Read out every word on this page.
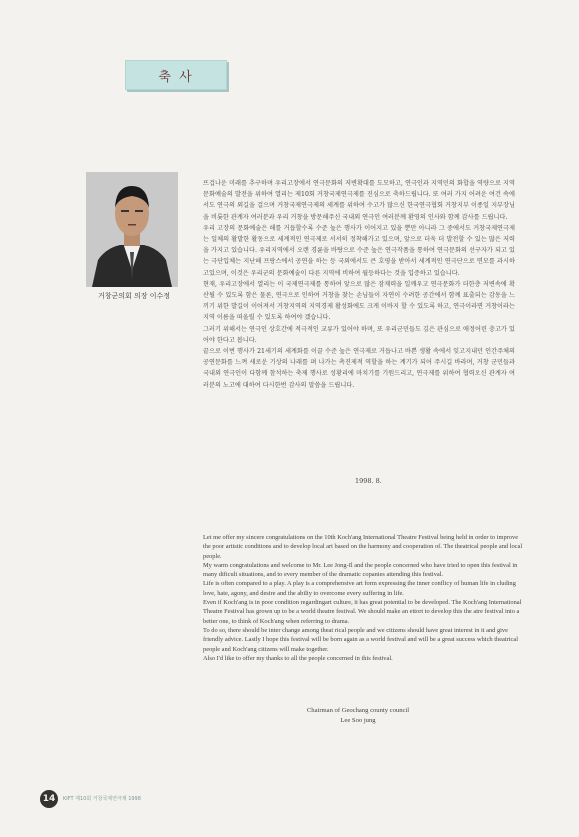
축 사
거창군의회 의장 이수정

뜨겁나운 미래를 추구하며 우리고장에서 연극문화의 저변확대를 도모하고, 연극인과 지역민의 화합을 역량으로 지역문화예술의 발전을 위하여 열리는 제10회 거창국제연극제를 진심으로 축하드립니다. 또 여러 가지 어려운 여건 속에서도 연극의 외길을 걸으며 거창국제연극제의 세계를 위하여 수고가 많으신 한국연극협회 거창지부 이종일 지부장님을 비롯한 관계자 여러분과 우리 거창을 방문해주신 국내외 연극인 여러분께 환영의 인사와 함께 감사를 드립니다.

우리 고장의 문화예술은 해를 거듭할수록 수준 높은 행사가 이어지고 있을 뿐만 아니라 그 중에서도 거창국제연극제는 일체의 활발한 활동으로 세계적인 연극제로 서서히 정착해가고 있으며, 앞으로 더욱 더 발전할 수 있는 많은 저력을 가지고 있습니다. 우리지역에서 오랜 경륜을 바탕으로 수준 높은 연극작품을 통하여 연극문화의 선구자가 되고 있는 극단입체는 지난해 프랑스에서 공연을 하는 등 국외에서도 큰 호평을 받아서 세계적인 연극단으로 면모를 과시하고있으며, 이것은 우리군의 문화예술이 다른 지역에 비하여 월등하다는 것을 입증하고 있습니다.

현재, 우리고장에서 열리는 이 국제연극제를 통하여 앞으로 많은 잠재력을 일깨우고 연극문화가 더한층 저변속에 확산될 수 있도록 함은 물론, 연극으로 인하여 거창을 찾는 손님들이 자연이 수려한 공간에서 함께 표출되는 감동을 느끼기 위한 발길이 이어져서 거창지역의 지역경제 활성화에도 크게 이바지 할 수 있도록 하고, 연극이라면 거창이라는 지역 이름을 떠올릴 수 있도록 하여야 겠습니다.

그러기 위해서는 연극인 상호간에 적극적인 교류가 있어야 하며, 또 우리군민들도 깊은 관심으로 애정어린 충고가 있어야 한다고 봅니다.

끝으로 이번 행사가 21세기의 세계화를 이끌 수준 높은 연극제로 거듭나고 바쁜 생활 속에서 잊고지내던 인간주체의 공연문화를 느껴 새로운 기상의 나래를 펴 나가는 촉진제적 역할을 하는 계기가 되어 주시길 바라며, 거창 군민들과 국내외 연극인이 다함께 참석하는 축제 행사로 성황리에 마치기를 기원드리고, 연극제를 위하여 협력오신 관계자 여러분의 노고에 대하여 다시한번 감사의 말씀을 드립니다.

1998. 8.

Let me offer my sincere congratulations on the 10th Koch'ang International Theatre Festival being held in order to improve the poor artistic conditions and to develop local art based on the harmony and cooperation of. The theatrical people and local people.

My warm congratulations and welcome to Mr. Lee Jong-Il and the people concerned who have tried to open this festival in many dificult situations, and to every member of the dramatic copanies attending this festival.

Life is often compared to a play. A play is a comprehensive art form expressing the inner conflicy of human life in cluding love, hate, agony, and desire and the abiliy to overcome every suffering in life.

Even if Koch'ang is in poor condition regardingart culture, it has great potential to be developed. The Koch'ang International Theatre Festival has grown up to be a world theatre festival. We should make an ettort to develop this the atre festival into a better one, to think of Koch'ang when referring to drama.

To do so, there should be inter change among theat rical people and we citizens should have great interest in it and give friendly advice. Lastly I hope this festival will be born again as a world festival and will be a great success which theatrical people and Koch'ang citizens will make together.

Also I'd like to offer my thanks to all the people concerned in this festival.

Chairman of Geochang county council
Lee Soo jung
14	KIFT 제10회 거창국제연극제 1998
